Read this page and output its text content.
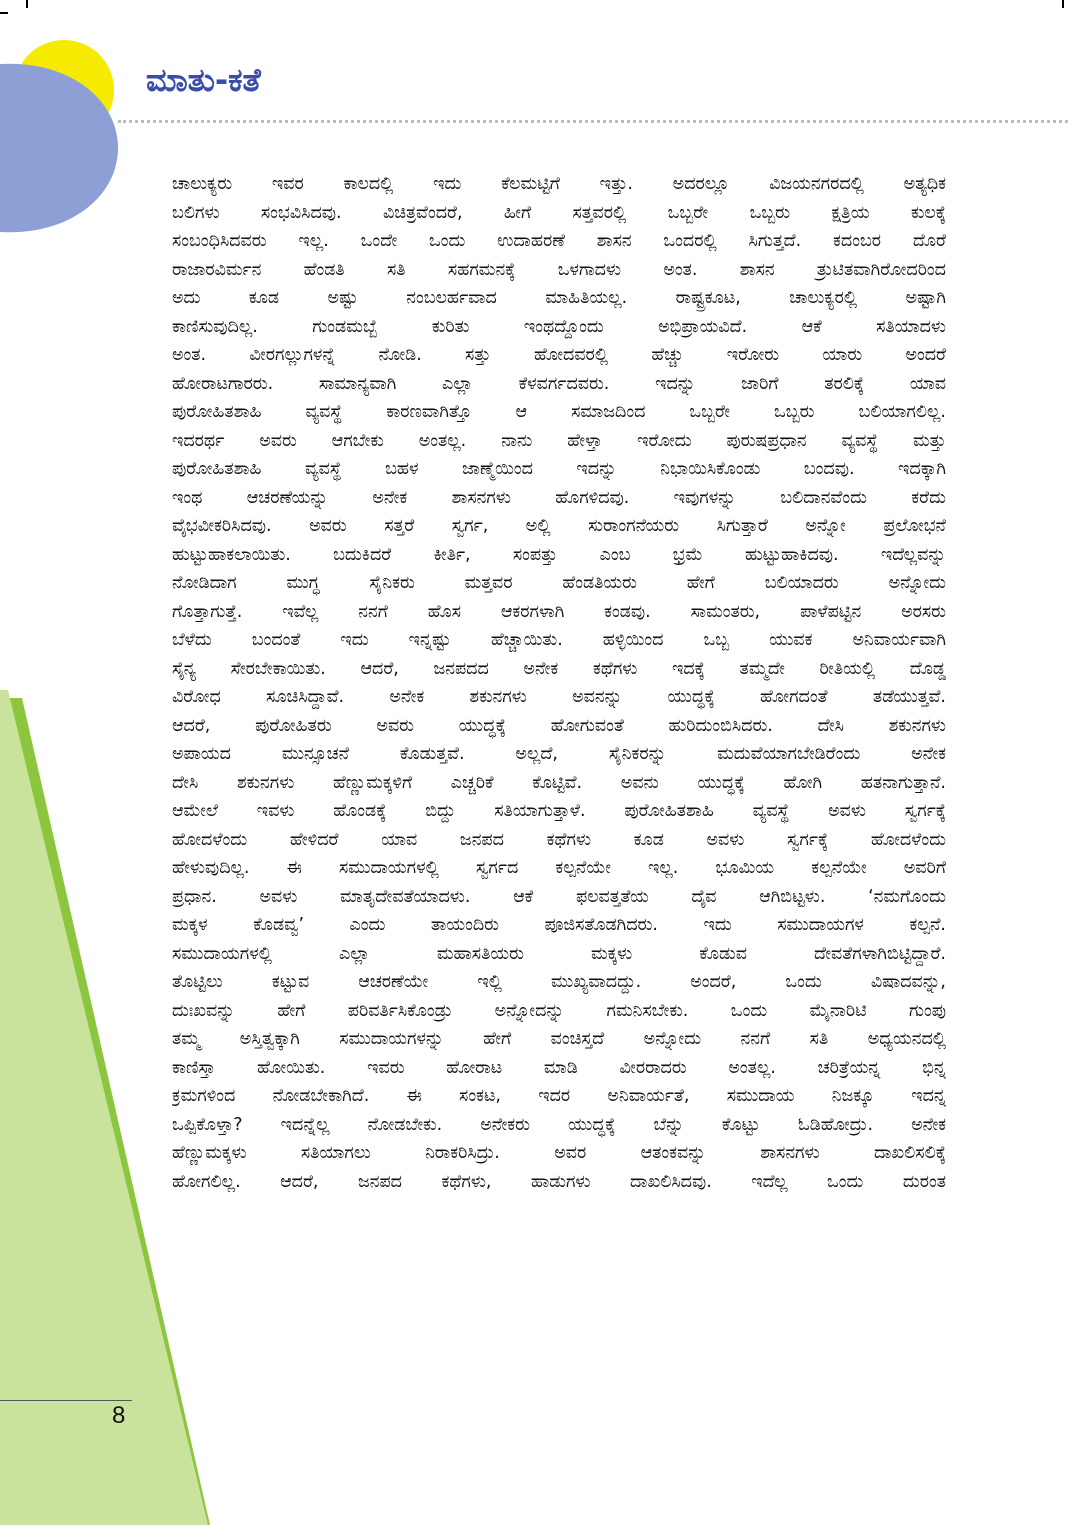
ಮಾತು-ಕತೆ
ಚಾಲುಕ್ಯರು ಇವರ ಕಾಲದಲ್ಲಿ ಇದು ಕೆಲಮಟ್ಟಿಗೆ ಇತ್ತು. ಅದರಲ್ಲೂ ವಿಜಯನಗರದಲ್ಲಿ ಅತ್ಯಧಿಕ
ಬಲಿಗಳು ಸಂಭವಿಸಿದವು. ವಿಚಿತ್ರವೆಂದರೆ, ಹೀಗೆ ಸತ್ತವರಲ್ಲಿ ಒಬ್ಬರೇ ಒಬ್ಬರು ಕ್ಷತ್ರಿಯ ಕುಲಕ್ಕೆ
ಸಂಬಂಧಿಸಿದವರು ಇಲ್ಲ. ಒಂದೇ ಒಂದು ಉದಾಹರಣೆ ಶಾಸನ ಒಂದರಲ್ಲಿ ಸಿಗುತ್ತದೆ. ಕದಂಬರ ದೊರೆ
ರಾಜಾರವಿರ್ಮನ ಹೆಂಡತಿ ಸತಿ ಸಹಗಮನಕ್ಕೆ ಒಳಗಾದಳು ಅಂತ. ಶಾಸನ ತ್ರುಟಿತವಾಗಿರೋದರಿಂದ
ಅದು ಕೂಡ ಅಷ್ಟು ನಂಬಲರ್ಹವಾದ ಮಾಹಿತಿಯಲ್ಲ. ರಾಷ್ಟ್ರಕೂಟ, ಚಾಲುಕ್ಯರಲ್ಲಿ ಅಷ್ಟಾಗಿ
ಕಾಣಿಸುವುದಿಲ್ಲ. ಗುಂಡಮಬ್ಬೆ ಕುರಿತು ಇಂಥದ್ದೊಂದು ಅಭಿಪ್ರಾಯವಿದೆ. ಆಕೆ ಸತಿಯಾದಳು
ಅಂತ. ವೀರಗಲ್ಲುಗಳನ್ನೆ ನೋಡಿ. ಸತ್ತು ಹೋದವರಲ್ಲಿ ಹೆಚ್ಚು ಇರೋರು ಯಾರು ಅಂದರೆ
ಹೋರಾಟಗಾರರು. ಸಾಮಾನ್ಯವಾಗಿ ಎಲ್ಲಾ ಕೆಳವರ್ಗದವರು. ಇದನ್ನು ಜಾರಿಗೆ ತರಲಿಕ್ಕೆ ಯಾವ
ಪುರೋಹಿತಶಾಹಿ ವ್ಯವಸ್ಥೆ ಕಾರಣವಾಗಿತ್ತೊ ಆ ಸಮಾಜದಿಂದ ಒಬ್ಬರೇ ಒಬ್ಬರು ಬಲಿಯಾಗಲಿಲ್ಲ.
ಇದರರ್ಥ ಅವರು ಆಗಬೇಕು ಅಂತಲ್ಲ. ನಾನು ಹೇಳ್ತಾ ಇರೋದು ಪುರುಷಪ್ರಧಾನ ವ್ಯವಸ್ಥೆ ಮತ್ತು
ಪುರೋಹಿತಶಾಹಿ ವ್ಯವಸ್ಥೆ ಬಹಳ ಜಾಣ್ಮೆಯಿಂದ ಇದನ್ನು ನಿಭಾಯಿಸಿಕೊಂಡು ಬಂದವು. ಇದಕ್ಕಾಗಿ
ಇಂಥ ಆಚರಣೆಯನ್ನು ಅನೇಕ ಶಾಸನಗಳು ಹೊಗಳಿದವು. ಇವುಗಳನ್ನು ಬಲಿದಾನವೆಂದು ಕರೆದು
ವೈಭವೀಕರಿಸಿದವು. ಅವರು ಸತ್ತರೆ ಸ್ವರ್ಗ, ಅಲ್ಲಿ ಸುರಾಂಗನೆಯರು ಸಿಗುತ್ತಾರೆ ಅನ್ನೋ ಪ್ರಲೋಭನೆ
ಹುಟ್ಟುಹಾಕಲಾಯಿತು. ಬದುಕಿದರೆ ಕೀರ್ತಿ, ಸಂಪತ್ತು ಎಂಬ ಭ್ರಮೆ ಹುಟ್ಟುಹಾಕಿದವು. ಇದೆಲ್ಲವನ್ನು
ನೋಡಿದಾಗ ಮುಗ್ಧ ಸೈನಿಕರು ಮತ್ತವರ ಹೆಂಡತಿಯರು ಹೇಗೆ ಬಲಿಯಾದರು ಅನ್ನೋದು
ಗೊತ್ತಾಗುತ್ತೆ. ಇವೆಲ್ಲ ನನಗೆ ಹೊಸ ಆಕರಗಳಾಗಿ ಕಂಡವು. ಸಾಮಂತರು, ಪಾಳೆಪಟ್ಟಿನ ಅರಸರು
ಬೆಳೆದು ಬಂದಂತೆ ಇದು ಇನ್ನಷ್ಟು ಹೆಚ್ಚಾಯಿತು. ಹಳ್ಳಿಯಿಂದ ಒಬ್ಬ ಯುವಕ ಅನಿವಾರ್ಯವಾಗಿ
ಸೈನ್ಯ ಸೇರಬೇಕಾಯಿತು. ಆದರೆ, ಜನಪದದ ಅನೇಕ ಕಥೆಗಳು ಇದಕ್ಕೆ ತಮ್ಮದೇ ರೀತಿಯಲ್ಲಿ ದೊಡ್ಡ
ವಿರೋಧ ಸೂಚಿಸಿದ್ದಾವೆ. ಅನೇಕ ಶಕುನಗಳು ಅವನನ್ನು ಯುದ್ಧಕ್ಕೆ ಹೋಗದಂತೆ ತಡೆಯುತ್ತವೆ.
ಆದರೆ, ಪುರೋಹಿತರು ಅವರು ಯುದ್ಧಕ್ಕೆ ಹೋಗುವಂತೆ ಹುರಿದುಂಬಿಸಿದರು. ದೇಸಿ ಶಕುನಗಳು
ಅಪಾಯದ ಮುನ್ಸೂಚನೆ ಕೊಡುತ್ತವೆ. ಅಲ್ಲದೆ, ಸೈನಿಕರನ್ನು ಮದುವೆಯಾಗಬೇಡಿರೆಂದು ಅನೇಕ
ದೇಸಿ ಶಕುನಗಳು ಹೆಣ್ಣುಮಕ್ಕಳಿಗೆ ಎಚ್ಚರಿಕೆ ಕೊಟ್ಟಿವೆ. ಅವನು ಯುದ್ಧಕ್ಕೆ ಹೋಗಿ ಹತನಾಗುತ್ತಾನೆ.
ಆಮೇಲೆ ಇವಳು ಹೊಂಡಕ್ಕೆ ಬಿದ್ದು ಸತಿಯಾಗುತ್ತಾಳೆ. ಪುರೋಹಿತಶಾಹಿ ವ್ಯವಸ್ಥೆ ಅವಳು ಸ್ವರ್ಗಕ್ಕೆ
ಹೋದಳೆಂದು ಹೇಳಿದರೆ ಯಾವ ಜನಪದ ಕಥೆಗಳು ಕೂಡ ಅವಳು ಸ್ವರ್ಗಕ್ಕೆ ಹೋದಳೆಂದು
ಹೇಳುವುದಿಲ್ಲ. ಈ ಸಮುದಾಯಗಳಲ್ಲಿ ಸ್ವರ್ಗದ ಕಲ್ಪನೆಯೇ ಇಲ್ಲ. ಭೂಮಿಯ ಕಲ್ಪನೆಯೇ ಅವರಿಗೆ
ಪ್ರಧಾನ. ಅವಳು ಮಾತೃದೇವತೆಯಾದಳು. ಆಕೆ ಫಲವತ್ತತೆಯ ದೈವ ಆಗಿಬಿಟ್ಟಳು. ‘ನಮಗೊಂದು
ಮಕ್ಕಳ ಕೊಡವ್ವ’ ಎಂದು ತಾಯಂದಿರು ಪೂಜಿಸತೊಡಗಿದರು. ಇದು ಸಮುದಾಯಗಳ ಕಲ್ಪನೆ.
ಸಮುದಾಯಗಳಲ್ಲಿ ಎಲ್ಲಾ ಮಹಾಸತಿಯರು ಮಕ್ಕಳು ಕೊಡುವ ದೇವತೆಗಳಾಗಿಬಿಟ್ಟಿದ್ದಾರೆ.
ತೊಟ್ಟಿಲು ಕಟ್ಟುವ ಆಚರಣೆಯೇ ಇಲ್ಲಿ ಮುಖ್ಯವಾದದ್ದು. ಅಂದರೆ, ಒಂದು ವಿಷಾದವನ್ನು,
ದುಃಖವನ್ನು ಹೇಗೆ ಪರಿವರ್ತಿಸಿಕೊಂಡ್ರು ಅನ್ನೋದನ್ನು ಗಮನಿಸಬೇಕು. ಒಂದು ಮೈನಾರಿಟಿ ಗುಂಪು
ತಮ್ಮ ಅಸ್ತಿತ್ವಕ್ಕಾಗಿ ಸಮುದಾಯಗಳನ್ನು ಹೇಗೆ ವಂಚಿಸ್ತದೆ ಅನ್ನೋದು ನನಗೆ ಸತಿ ಅಧ್ಯಯನದಲ್ಲಿ
ಕಾಣಿಸ್ತಾ ಹೋಯಿತು. ಇವರು ಹೋರಾಟ ಮಾಡಿ ವೀರರಾದರು ಅಂತಲ್ಲ. ಚರಿತ್ರೆಯನ್ನ ಭಿನ್ನ
ಕ್ರಮಗಳಿಂದ ನೋಡಬೇಕಾಗಿದೆ. ಈ ಸಂಕಟ, ಇದರ ಅನಿವಾರ್ಯತೆ, ಸಮುದಾಯ ನಿಜಕ್ಕೂ ಇದನ್ನ
ಒಪ್ಪಿಕೊಳ್ತಾ? ಇದನ್ನೆಲ್ಲ ನೋಡಬೇಕು. ಅನೇಕರು ಯುದ್ಧಕ್ಕೆ ಬೆನ್ನು ಕೊಟ್ಟು ಓಡಿಹೋದ್ರು. ಅನೇಕ
ಹೆಣ್ಣುಮಕ್ಕಳು ಸತಿಯಾಗಲು ನಿರಾಕರಿಸಿದ್ರು. ಅವರ ಆತಂಕವನ್ನು ಶಾಸನಗಳು ದಾಖಲಿಸಲಿಕ್ಕೆ
ಹೋಗಲಿಲ್ಲ. ಆದರೆ, ಜನಪದ ಕಥೆಗಳು, ಹಾಡುಗಳು ದಾಖಲಿಸಿದವು. ಇದೆಲ್ಲ ಒಂದು ದುರಂತ
8
